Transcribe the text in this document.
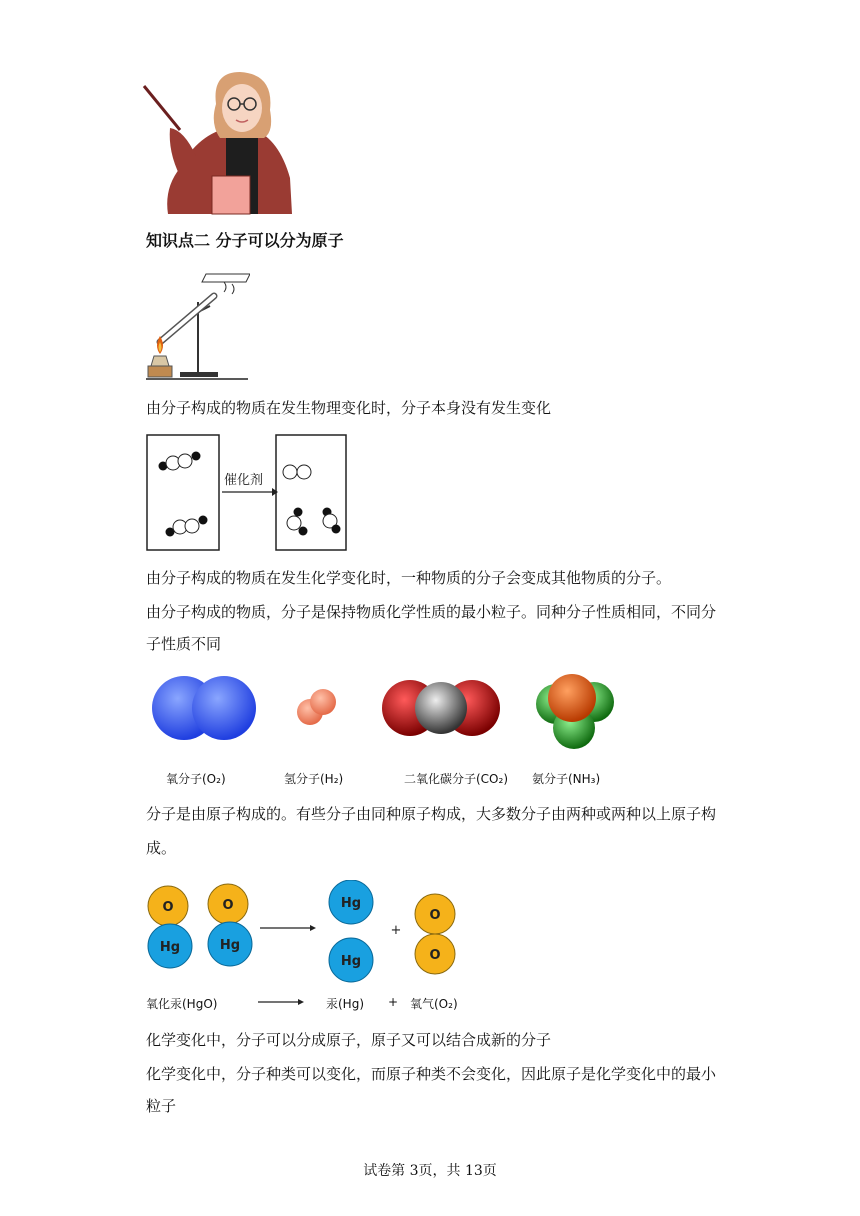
知识点二 分子可以分为原子
由分子构成的物质在发生物理变化时，分子本身没有发生变化
催化剂
由分子构成的物质在发生化学变化时，一种物质的分子会变成其他物质的分子。
由分子构成的物质，分子是保持物质化学性质的最小粒子。同种分子性质相同，不同分
子性质不同
氧分子(O₂)	氢分子(H₂)	二氧化碳分子(CO₂) 氨分子(NH₃)
分子是由原子构成的。有些分子由同种原子构成，大多数分子由两种或两种以上原子构
成。
O
Hg
O
Hg
Hg
Hg
O
O
+
氧化汞(HgO)	→ 汞(Hg) + 氧气(O₂)
化学变化中，分子可以分成原子，原子又可以结合成新的分子
化学变化中，分子种类可以变化，而原子种类不会变化，因此原子是化学变化中的最小
粒子
试卷第 3页，共 13页
